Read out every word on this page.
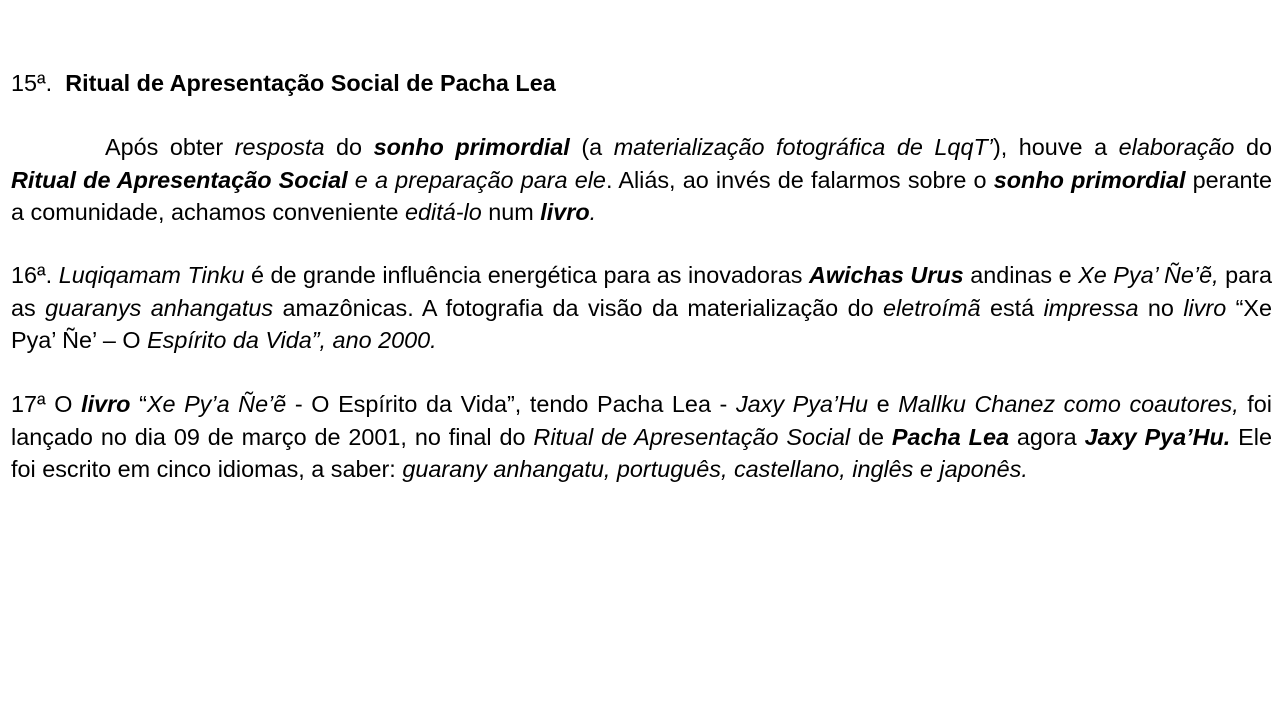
15ª. Ritual de Apresentação Social de Pacha Lea

Após obter resposta do sonho primordial (a materialização fotográfica de LqqT’), houve a elaboração do Ritual de Apresentação Social e a preparação para ele. Aliás, ao invés de falarmos sobre o sonho primordial perante a comunidade, achamos conveniente editá-lo num livro.

16ª. Luqiqamam Tinku é de grande influência energética para as inovadoras Awichas Urus andinas e Xe Pya’ Ñe’ẽ, para as guaranys anhangatus amazônicas. A fotografia da visão da materialização do eletroímã está impressa no livro “Xe Pya’ Ñe’ – O Espírito da Vida”, ano 2000.

17ª O livro “Xe Py’a Ñe’ẽ - O Espírito da Vida”, tendo Pacha Lea - Jaxy Pya’Hu e Mallku Chanez como coautores, foi lançado no dia 09 de março de 2001, no final do Ritual de Apresentação Social de Pacha Lea agora Jaxy Pya’Hu. Ele foi escrito em cinco idiomas, a saber: guarany anhangatu, português, castellano, inglês e japonês.
